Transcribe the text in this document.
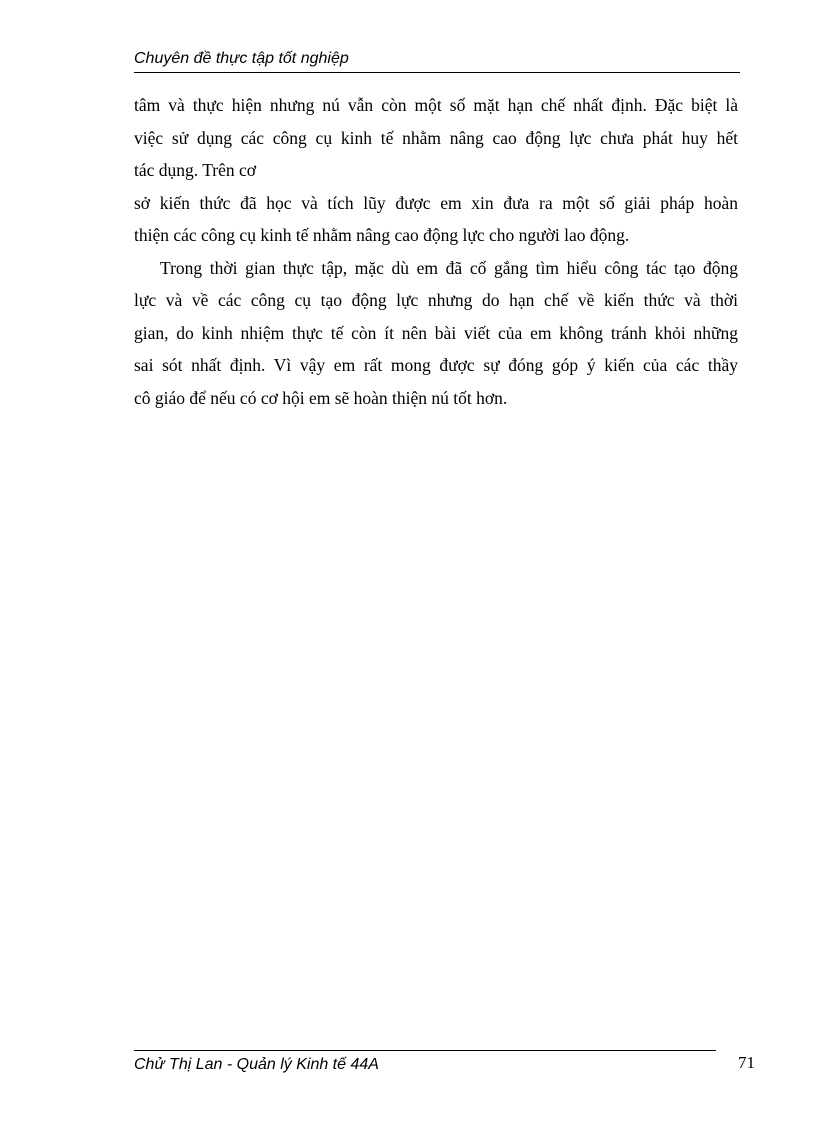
Chuyên đề thực tập tốt nghiệp

tâm và thực hiện nhưng nú vẫn còn một số mặt hạn chế nhất định. Đặc biệt là
việc sử dụng các công cụ kinh tế nhằm nâng cao động lực chưa phát huy hết
tác dụng. Trên cơ

sở kiến thức đã học và tích lũy được em xin đưa ra một số giải pháp hoàn
thiện các công cụ kinh tế nhằm nâng cao động lực cho người lao động.

Trong thời gian thực tập, mặc dù em đã cố gắng tìm hiểu công tác tạo động
lực và về các công cụ tạo động lực nhưng do hạn chế về kiến thức và thời
gian, do kinh nhiệm thực tế còn ít nên bài viết của em không tránh khỏi những
sai sót nhất định. Vì vậy em rất mong được sự đóng góp ý kiến của các thầy
cô giáo để nếu có cơ hội em sẽ hoàn thiện nú tốt hơn.

Chử Thị Lan - Quản lý Kinh tế 44A	71
